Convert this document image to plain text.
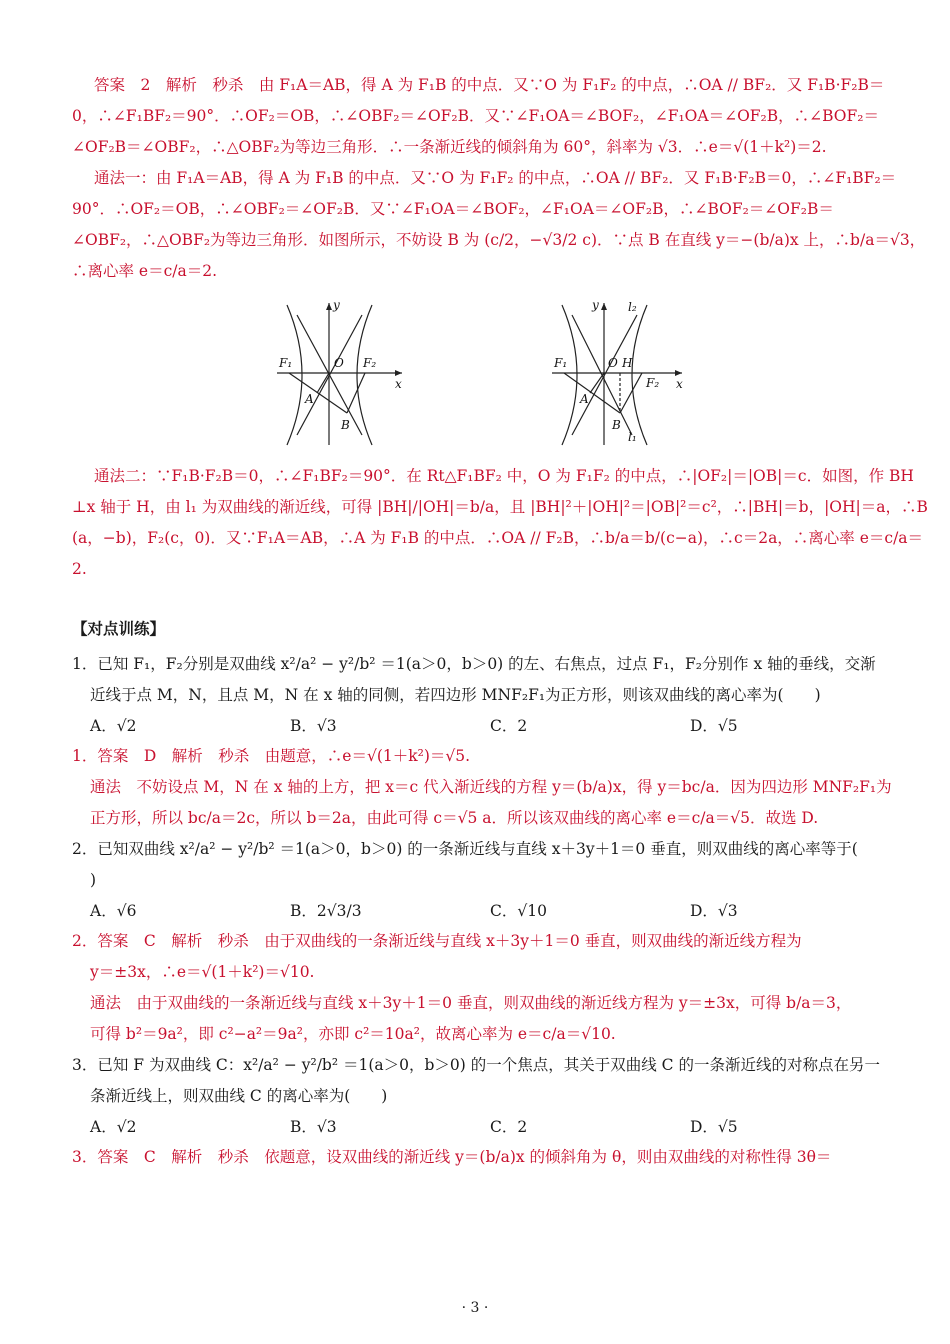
答案　2　解析　秒杀　由 F₁A＝AB，得 A 为 F₁B 的中点．又∵O 为 F₁F₂ 的中点，∴OA // BF₂．又 F₁B·F₂B＝
0，∴∠F₁BF₂＝90°．∴OF₂＝OB，∴∠OBF₂＝∠OF₂B．又∵∠F₁OA＝∠BOF₂，∠F₁OA＝∠OF₂B，∴∠BOF₂＝
∠OF₂B＝∠OBF₂，∴△OBF₂为等边三角形．∴一条渐近线的倾斜角为 60°，斜率为 √3．∴e＝√(1＋k²)＝2.
通法一：由 F₁A＝AB，得 A 为 F₁B 的中点．又∵O 为 F₁F₂ 的中点，∴OA // BF₂．又 F₁B·F₂B＝0，∴∠F₁BF₂＝
90°．∴OF₂＝OB，∴∠OBF₂＝∠OF₂B．又∵∠F₁OA＝∠BOF₂，∠F₁OA＝∠OF₂B，∴∠BOF₂＝∠OF₂B＝
∠OBF₂，∴△OBF₂为等边三角形．如图所示，不妨设 B 为 (c/2，−√3/2 c)．∵点 B 在直线 y＝−(b/a)x 上，∴b/a＝√3，
∴离心率 e＝c/a＝2.
y
x
O
F₁	F₂
A
B
y
x
O H
F₁
F₂
A
B
l₁
l₂
通法二：∵F₁B·F₂B＝0，∴∠F₁BF₂＝90°．在 Rt△F₁BF₂ 中，O 为 F₁F₂ 的中点，∴|OF₂|＝|OB|＝c．如图，作 BH
⊥x 轴于 H，由 l₁ 为双曲线的渐近线，可得 |BH|/|OH|＝b/a，且 |BH|²＋|OH|²＝|OB|²＝c²，∴|BH|＝b，|OH|＝a，∴B
(a，−b)，F₂(c，0)．又∵F₁A＝AB，∴A 为 F₁B 的中点．∴OA // F₂B，∴b/a＝b/(c−a)，∴c＝2a，∴离心率 e＝c/a＝
2.
【对点训练】
1．已知 F₁，F₂分别是双曲线 x²/a² − y²/b² ＝1(a＞0，b＞0) 的左、右焦点，过点 F₁，F₂分别作 x 轴的垂线，交渐
近线于点 M，N，且点 M，N 在 x 轴的同侧，若四边形 MNF₂F₁为正方形，则该双曲线的离心率为(　　)
A．√2	B．√3	C．2	D．√5
1．答案　D　解析　秒杀　由题意，∴e＝√(1＋k²)＝√5.
通法　不妨设点 M，N 在 x 轴的上方，把 x＝c 代入渐近线的方程 y＝(b/a)x，得 y＝bc/a．因为四边形 MNF₂F₁为
正方形，所以 bc/a＝2c，所以 b＝2a，由此可得 c＝√5 a．所以该双曲线的离心率 e＝c/a＝√5．故选 D.
2．已知双曲线 x²/a² − y²/b² ＝1(a＞0，b＞0) 的一条渐近线与直线 x＋3y＋1＝0 垂直，则双曲线的离心率等于(
)
A．√6	B．2√3/3	C．√10	D．√3
2．答案　C　解析　秒杀　由于双曲线的一条渐近线与直线 x＋3y＋1＝0 垂直，则双曲线的渐近线方程为
y＝±3x，∴e＝√(1＋k²)＝√10.
通法　由于双曲线的一条渐近线与直线 x＋3y＋1＝0 垂直，则双曲线的渐近线方程为 y＝±3x，可得 b/a＝3，
可得 b²＝9a²，即 c²−a²＝9a²，亦即 c²＝10a²，故离心率为 e＝c/a＝√10.
3．已知 F 为双曲线 C：x²/a² − y²/b² ＝1(a＞0，b＞0) 的一个焦点，其关于双曲线 C 的一条渐近线的对称点在另一
条渐近线上，则双曲线 C 的离心率为(　　)
A．√2	B．√3	C．2	D．√5
3．答案　C　解析　秒杀　依题意，设双曲线的渐近线 y＝(b/a)x 的倾斜角为 θ，则由双曲线的对称性得 3θ＝
· 3 ·
